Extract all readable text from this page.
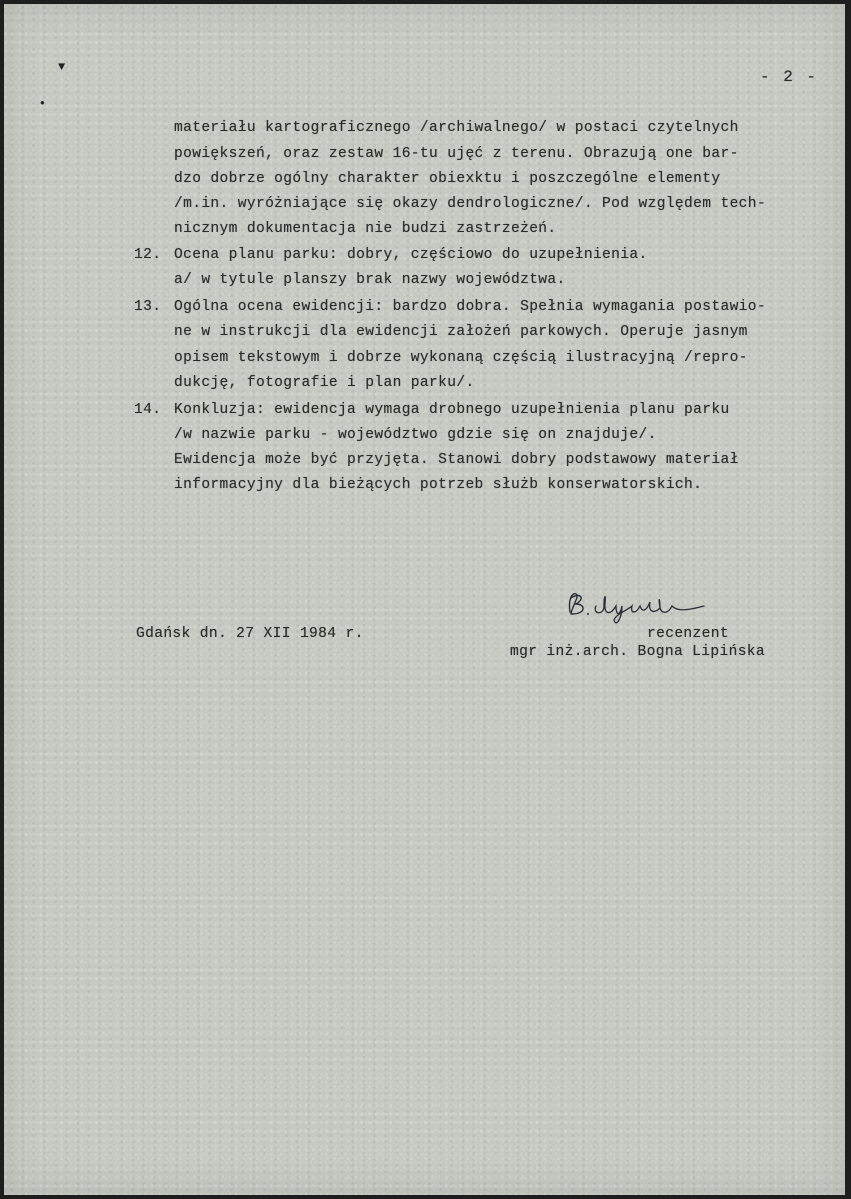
▼
●
- 2 -
materiału kartograficznego /archiwalnego/ w postaci czytelnych
powiększeń, oraz zestaw 16-tu ujęć z terenu. Obrazują one bar-
dzo dobrze ogólny charakter obiexktu i poszczególne elementy
/m.in. wyróżniające się okazy dendrologiczne/. Pod względem tech-
nicznym dokumentacja nie budzi zastrzeżeń.
12. Ocena planu parku: dobry, częściowo do uzupełnienia.
a/ w tytule planszy brak nazwy województwa.
13. Ogólna ocena ewidencji: bardzo dobra. Spełnia wymagania postawio-
ne w instrukcji dla ewidencji założeń parkowych. Operuje jasnym
opisem tekstowym i dobrze wykonaną częścią ilustracyjną /repro-
dukcję, fotografie i plan parku/.
14. Konkluzja: ewidencja wymaga drobnego uzupełnienia planu parku
/w nazwie parku - województwo gdzie się on znajduje/.
Ewidencja może być przyjęta. Stanowi dobry podstawowy materiał
informacyjny dla bieżących potrzeb służb konserwatorskich.
Gdańsk dn. 27 XII 1984 r.	recenzent
mgr inż.arch. Bogna Lipińska
